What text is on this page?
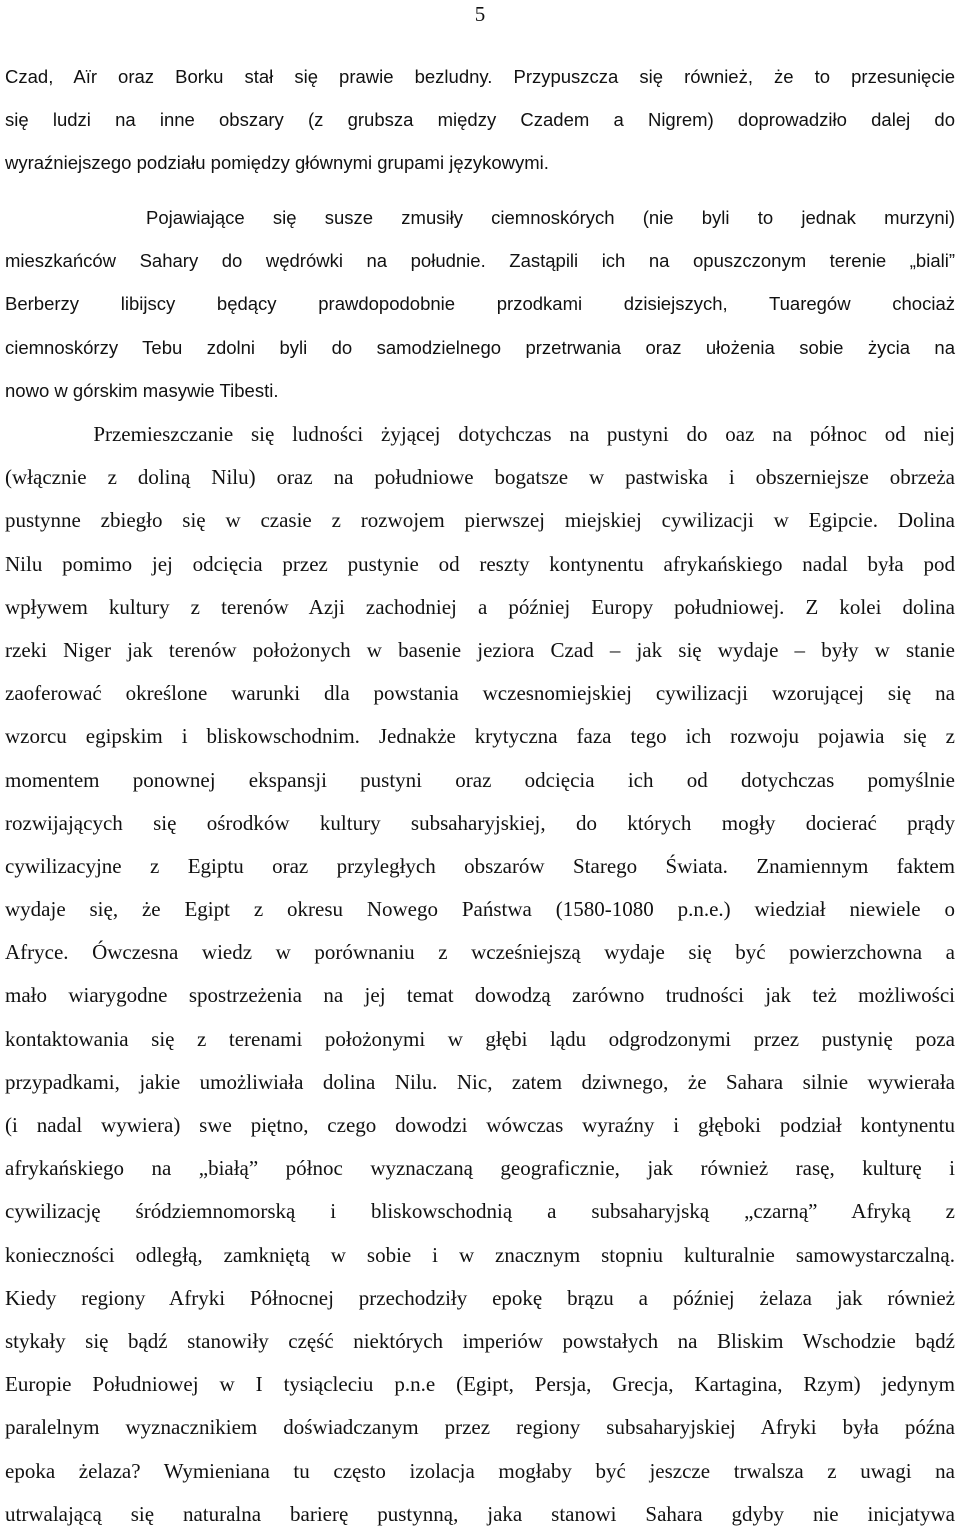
5
Czad, Aïr oraz Borku stał się prawie bezludny. Przypuszcza się również, że to przesunięcie
się ludzi na inne obszary (z grubsza między Czadem a Nigrem) doprowadziło dalej do
wyraźniejszego podziału pomiędzy głównymi grupami językowymi.
Pojawiające się susze zmusiły ciemnoskórych (nie byli to jednak murzyni)
mieszkańców Sahary do wędrówki na południe. Zastąpili ich na opuszczonym terenie „biali”
Berberzy libijscy będący prawdopodobnie przodkami dzisiejszych, Tuaregów chociaż
ciemnoskórzy Tebu zdolni byli do samodzielnego przetrwania oraz ułożenia sobie życia na
nowo w górskim masywie Tibesti.
Przemieszczanie się ludności żyjącej dotychczas na pustyni do oaz na północ od niej
(włącznie z doliną Nilu) oraz na południowe bogatsze w pastwiska i obszerniejsze obrzeża
pustynne zbiegło się w czasie z rozwojem pierwszej miejskiej cywilizacji w Egipcie. Dolina
Nilu pomimo jej odcięcia przez pustynie od reszty kontynentu afrykańskiego nadal była pod
wpływem kultury z terenów Azji zachodniej a później Europy południowej. Z kolei dolina
rzeki Niger jak terenów położonych w basenie jeziora Czad – jak się wydaje – były w stanie
zaoferować określone warunki dla powstania wczesnomiejskiej cywilizacji wzorującej się na
wzorcu egipskim i bliskowschodnim. Jednakże krytyczna faza tego ich rozwoju pojawia się z
momentem ponownej ekspansji pustyni oraz odcięcia ich od dotychczas pomyślnie
rozwijających się ośrodków kultury subsaharyjskiej, do których mogły docierać prądy
cywilizacyjne z Egiptu oraz przyległych obszarów Starego Świata. Znamiennym faktem
wydaje się, że Egipt z okresu Nowego Państwa (1580-1080 p.n.e.) wiedział niewiele o
Afryce. Ówczesna wiedz w porównaniu z wcześniejszą wydaje się być powierzchowna a
mało wiarygodne spostrzeżenia na jej temat dowodzą zarówno trudności jak też możliwości
kontaktowania się z terenami położonymi w głębi lądu odgrodzonymi przez pustynię poza
przypadkami, jakie umożliwiała dolina Nilu. Nic, zatem dziwnego, że Sahara silnie wywierała
(i nadal wywiera) swe piętno, czego dowodzi wówczas wyraźny i głęboki podział kontynentu
afrykańskiego na „białą” północ wyznaczaną geograficznie, jak również rasę, kulturę i
cywilizację śródziemnomorską i bliskowschodnią a subsaharyjską „czarną” Afryką z
konieczności odległą, zamkniętą w sobie i w znacznym stopniu kulturalnie samowystarczalną.
Kiedy regiony Afryki Północnej przechodziły epokę brązu a później żelaza jak również
stykały się bądź stanowiły część niektórych imperiów powstałych na Bliskim Wschodzie bądź
Europie Południowej w I tysiącleciu p.n.e (Egipt, Persja, Grecja, Kartagina, Rzym) jedynym
paralelnym wyznacznikiem doświadczanym przez regiony subsaharyjskiej Afryki była późna
epoka żelaza? Wymieniana tu często izolacja mogłaby być jeszcze trwalsza z uwagi na
utrwalającą się naturalna barierę pustynną, jaka stanowi Sahara gdyby nie inicjatywa
